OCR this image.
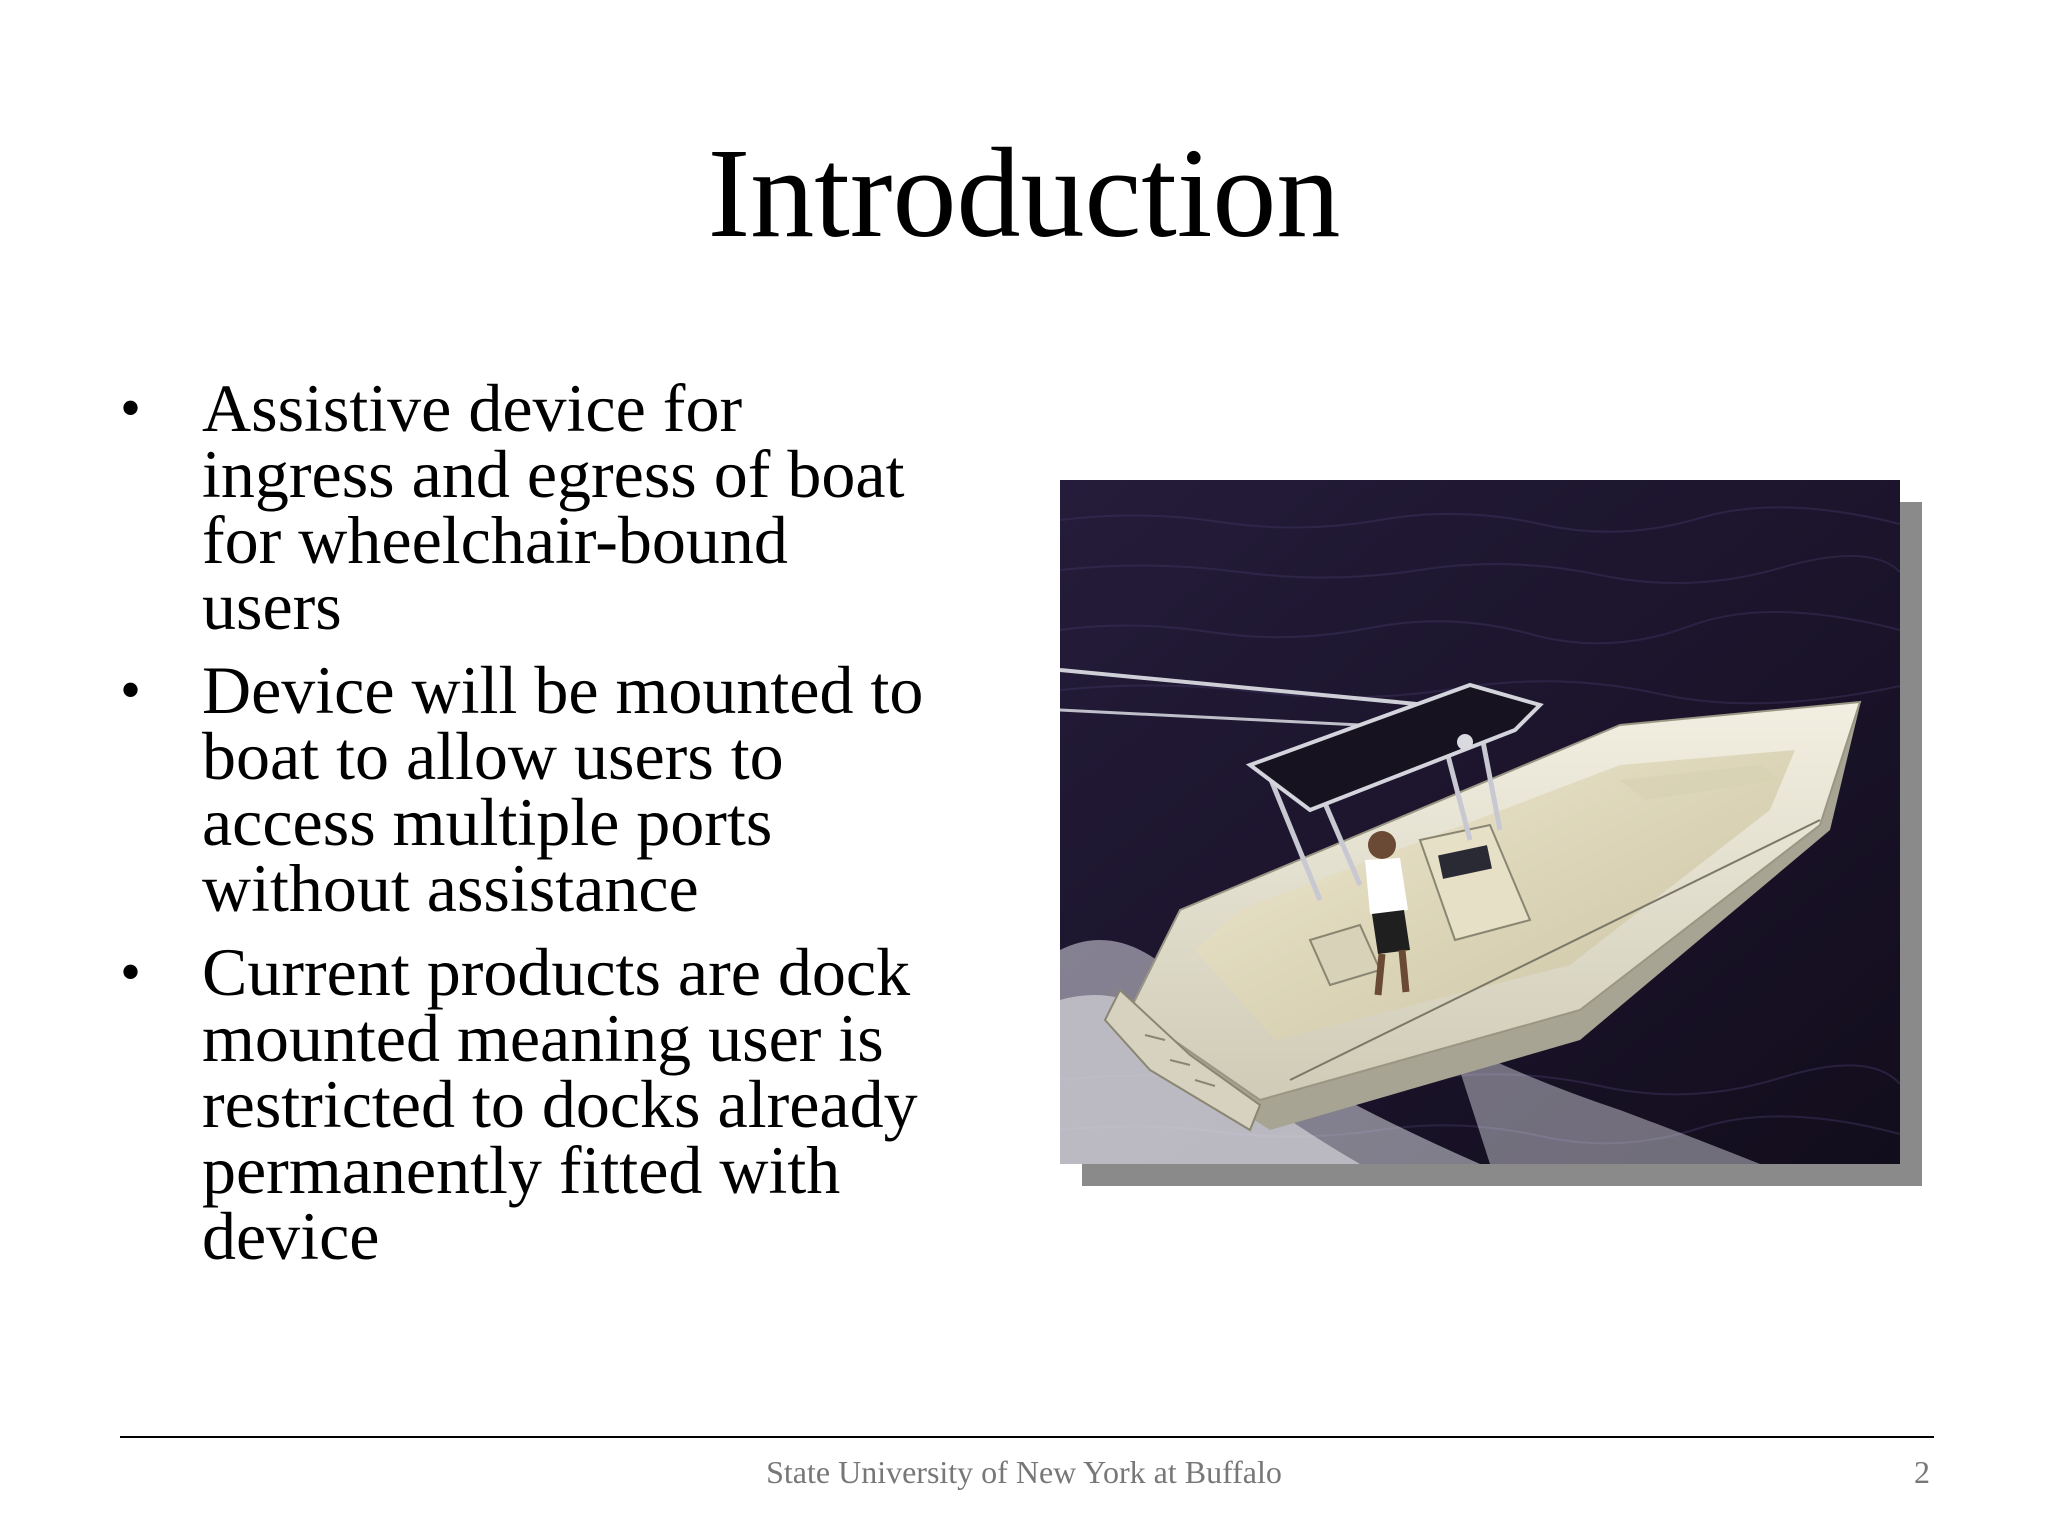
Introduction
• Assistive device for
ingress and egress of boat
for wheelchair-bound
users
• Device will be mounted to
boat to allow users to
access multiple ports
without assistance
• Current products are dock
mounted meaning user is
restricted to docks already
permanently fitted with
device
State University of New York at Buffalo	2
